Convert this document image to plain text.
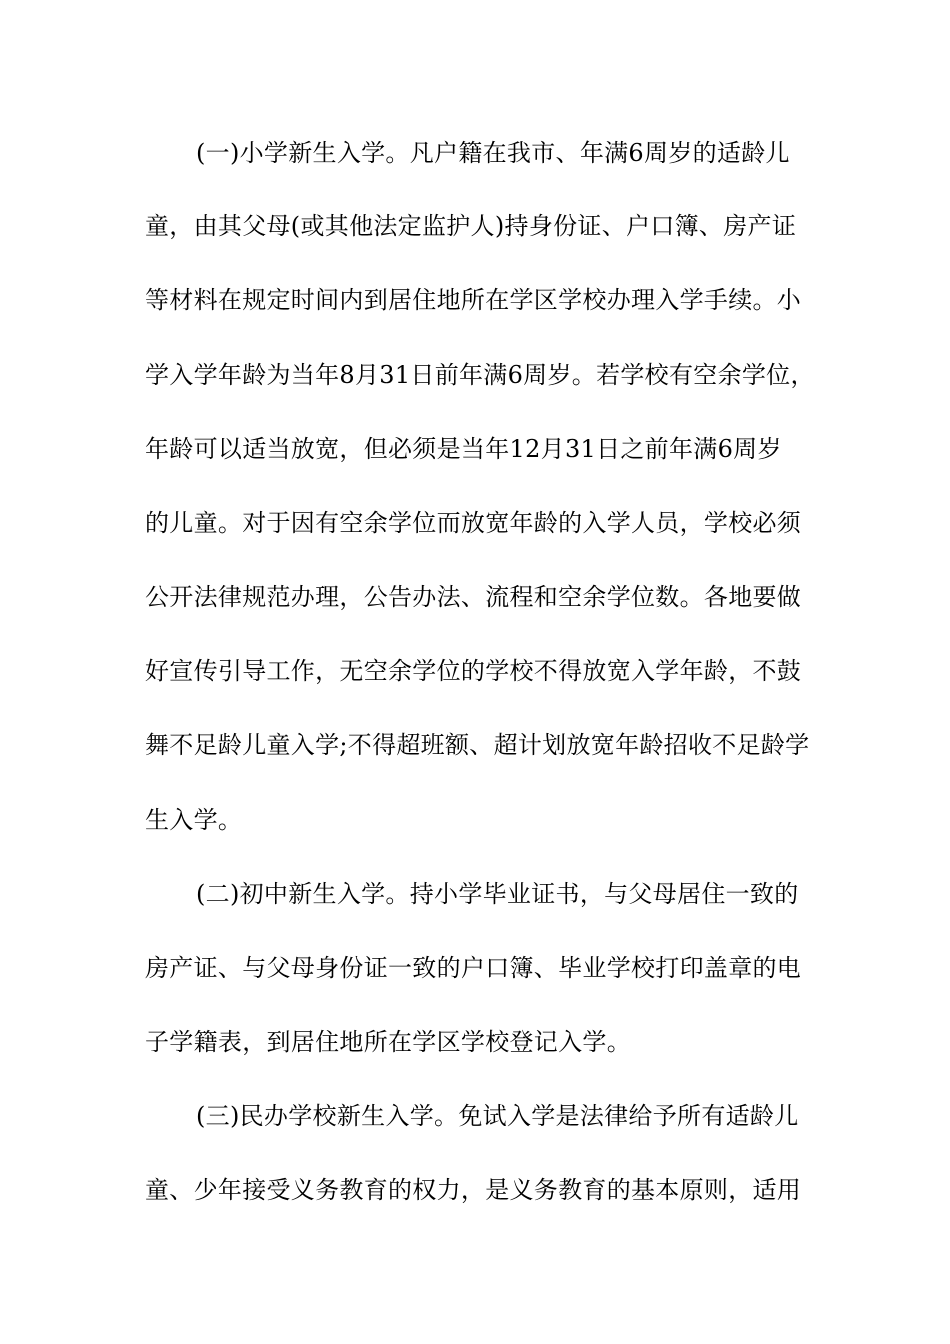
(一)小学新生入学。凡户籍在我市、年满6周岁的适龄儿
童，由其父母(或其他法定监护人)持身份证、户口簿、房产证
等材料在规定时间内到居住地所在学区学校办理入学手续。小
学入学年龄为当年8月31日前年满6周岁。若学校有空余学位，
年龄可以适当放宽，但必须是当年12月31日之前年满6周岁
的儿童。对于因有空余学位而放宽年龄的入学人员，学校必须
公开法律规范办理，公告办法、流程和空余学位数。各地要做
好宣传引导工作，无空余学位的学校不得放宽入学年龄，不鼓
舞不足龄儿童入学;不得超班额、超计划放宽年龄招收不足龄学
生入学。
(二)初中新生入学。持小学毕业证书，与父母居住一致的
房产证、与父母身份证一致的户口簿、毕业学校打印盖章的电
子学籍表，到居住地所在学区学校登记入学。
(三)民办学校新生入学。免试入学是法律给予所有适龄儿
童、少年接受义务教育的权力，是义务教育的基本原则，适用
